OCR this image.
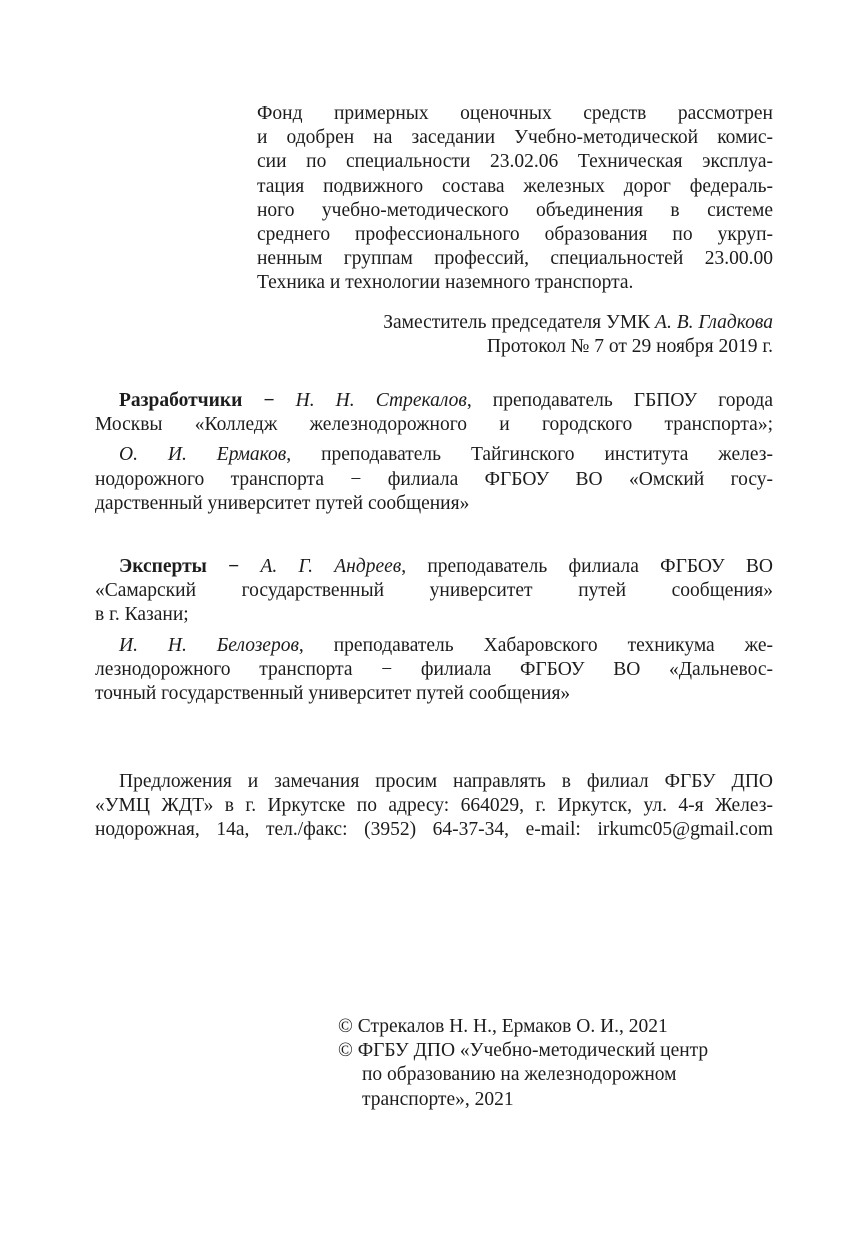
Фонд примерных оценочных средств рассмотрен
и одобрен на заседании Учебно-методической комис-
сии по специальности 23.02.06 Техническая эксплуа-
тация подвижного состава железных дорог федераль-
ного учебно-методического объединения в системе
среднего профессионального образования по укруп-
ненным группам профессий, специальностей 23.00.00
Техника и технологии наземного транспорта.
Заместитель председателя УМК А. В. Гладкова
Протокол № 7 от 29 ноября 2019 г.
Разработчики − Н. Н. Стрекалов, преподаватель ГБПОУ города
Москвы «Колледж железнодорожного и городского транспорта»;
О. И. Ермаков, преподаватель Тайгинского института желез-
нодорожного транспорта − филиала ФГБОУ ВО «Омский госу-
дарственный университет путей сообщения»
Эксперты − А. Г. Андреев, преподаватель филиала ФГБОУ ВО
«Самарский государственный университет путей сообщения»
в г. Казани;
И. Н. Белозеров, преподаватель Хабаровского техникума же-
лезнодорожного транспорта − филиала ФГБОУ ВО «Дальневос-
точный государственный университет путей сообщения»
Предложения и замечания просим направлять в филиал ФГБУ ДПО
«УМЦ ЖДТ» в г. Иркутске по адресу: 664029, г. Иркутск, ул. 4-я Желез-
нодорожная, 14а, тел./факс: (3952) 64-37-34, e-mail: irkumc05@gmail.com
© Стрекалов Н. Н., Ермаков О. И., 2021
© ФГБУ ДПО «Учебно-методический центр
по образованию на железнодорожном
транспорте», 2021
